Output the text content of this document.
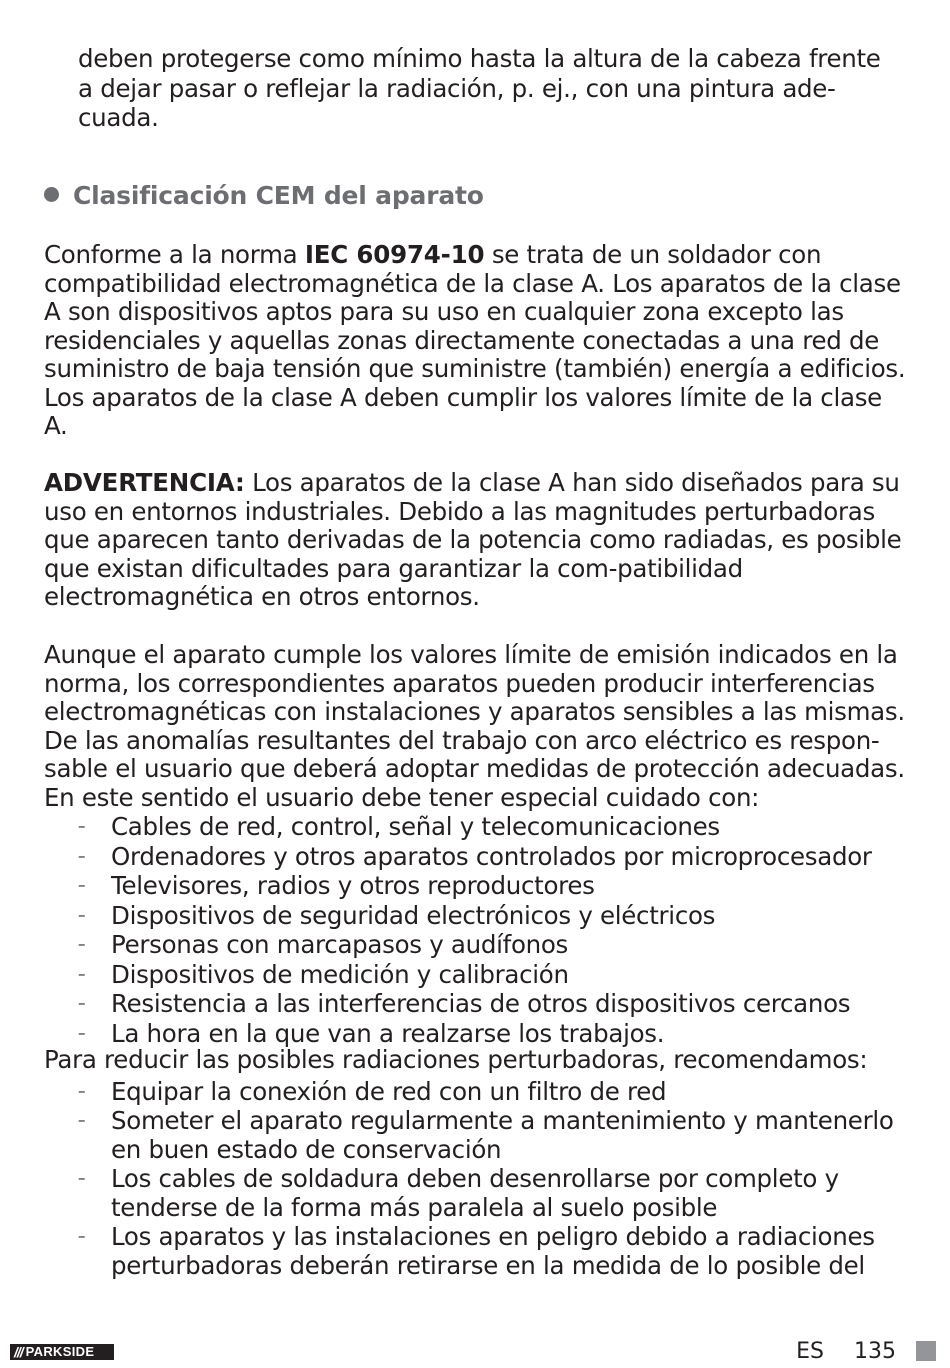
deben protegerse como mínimo hasta la altura de la cabeza frente
a dejar pasar o reflejar la radiación, p. ej., con una pintura ade-
cuada.
Clasificación CEM del aparato

Conforme a la norma IEC 60974-10 se trata de un soldador con compatibilidad electromagnética de la clase A. Los aparatos de la clase A son dispositivos aptos para su uso en cualquier zona excepto las residenciales y aquellas zonas directamente conectadas a una red de suministro de baja tensión que suministre (también) energía a edificios. Los aparatos de la clase A deben cumplir los valores límite de la clase A.

ADVERTENCIA: Los aparatos de la clase A han sido diseñados para su uso en entornos industriales. Debido a las magnitudes perturbadoras que aparecen tanto derivadas de la potencia como radiadas, es posible que existan dificultades para garantizar la com-patibilidad electromagnética en otros entornos.

Aunque el aparato cumple los valores límite de emisión indicados en la norma, los correspondientes aparatos pueden producir interferencias electromagnéticas con instalaciones y aparatos sensibles a las mismas. De las anomalías resultantes del trabajo con arco eléctrico es respon-sable el usuario que deberá adoptar medidas de protección adecuadas. En este sentido el usuario debe tener especial cuidado con:

– Cables de red, control, señal y telecomunicaciones
– Ordenadores y otros aparatos controlados por microprocesador
– Televisores, radios y otros reproductores
– Dispositivos de seguridad electrónicos y eléctricos
– Personas con marcapasos y audífonos
– Dispositivos de medición y calibración
– Resistencia a las interferencias de otros dispositivos cercanos
– La hora en la que van a realzarse los trabajos.

Para reducir las posibles radiaciones perturbadoras, recomendamos:

– Equipar la conexión de red con un filtro de red
– Someter el aparato regularmente a mantenimiento y mantenerlo en buen estado de conservación
– Los cables de soldadura deben desenrollarse por completo y tenderse de la forma más paralela al suelo posible
– Los aparatos y las instalaciones en peligro debido a radiaciones perturbadoras deberán retirarse en la medida de lo posible del
/// PARKSIDE	ES 135
